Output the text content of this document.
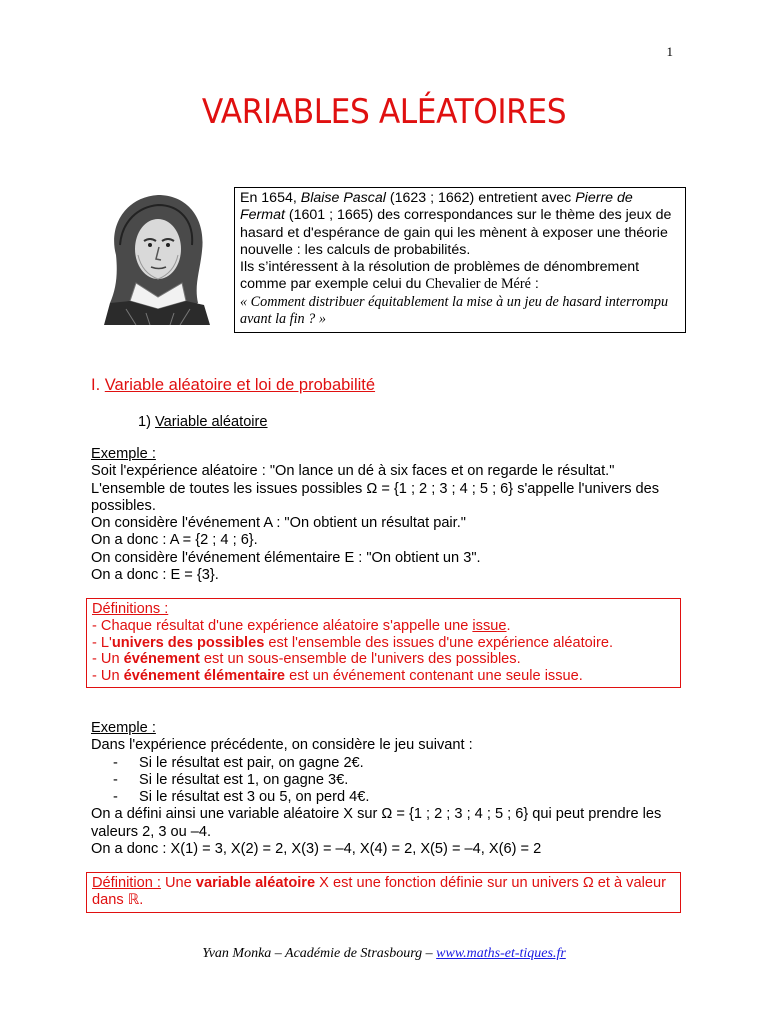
1
VARIABLES ALÉATOIRES
En 1654, Blaise Pascal (1623 ; 1662) entretient avec Pierre de Fermat (1601 ; 1665) des correspondances sur le thème des jeux de hasard et d'espérance de gain qui les mènent à exposer une théorie nouvelle : les calculs de probabilités.
Ils s’intéressent à la résolution de problèmes de dénombrement comme par exemple celui du Chevalier de Méré :
« Comment distribuer équitablement la mise à un jeu de hasard interrompu avant la fin ? »
I. Variable aléatoire et loi de probabilité
1) Variable aléatoire
Exemple :
Soit l'expérience aléatoire : "On lance un dé à six faces et on regarde le résultat."
L'ensemble de toutes les issues possibles Ω = {1 ; 2 ; 3 ; 4 ; 5 ; 6} s'appelle l'univers des possibles.
On considère l'événement A : "On obtient un résultat pair."
On a donc : A = {2 ; 4 ; 6}.
On considère l'événement élémentaire E : "On obtient un 3".
On a donc : E = {3}.
Définitions :
- Chaque résultat d'une expérience aléatoire s'appelle une issue.
- L'univers des possibles est l'ensemble des issues d'une expérience aléatoire.
- Un événement est un sous-ensemble de l'univers des possibles.
- Un événement élémentaire est un événement contenant une seule issue.
Exemple :
Dans l'expérience précédente, on considère le jeu suivant :
- Si le résultat est pair, on gagne 2€.
- Si le résultat est 1, on gagne 3€.
- Si le résultat est 3 ou 5, on perd 4€.
On a défini ainsi une variable aléatoire X sur Ω = {1 ; 2 ; 3 ; 4 ; 5 ; 6} qui peut prendre les valeurs 2, 3 ou –4.
On a donc : X(1) = 3, X(2) = 2, X(3) = –4, X(4) = 2, X(5) = –4, X(6) = 2
Définition : Une variable aléatoire X est une fonction définie sur un univers Ω et à valeur dans ℝ.
Yvan Monka – Académie de Strasbourg – www.maths-et-tiques.fr
